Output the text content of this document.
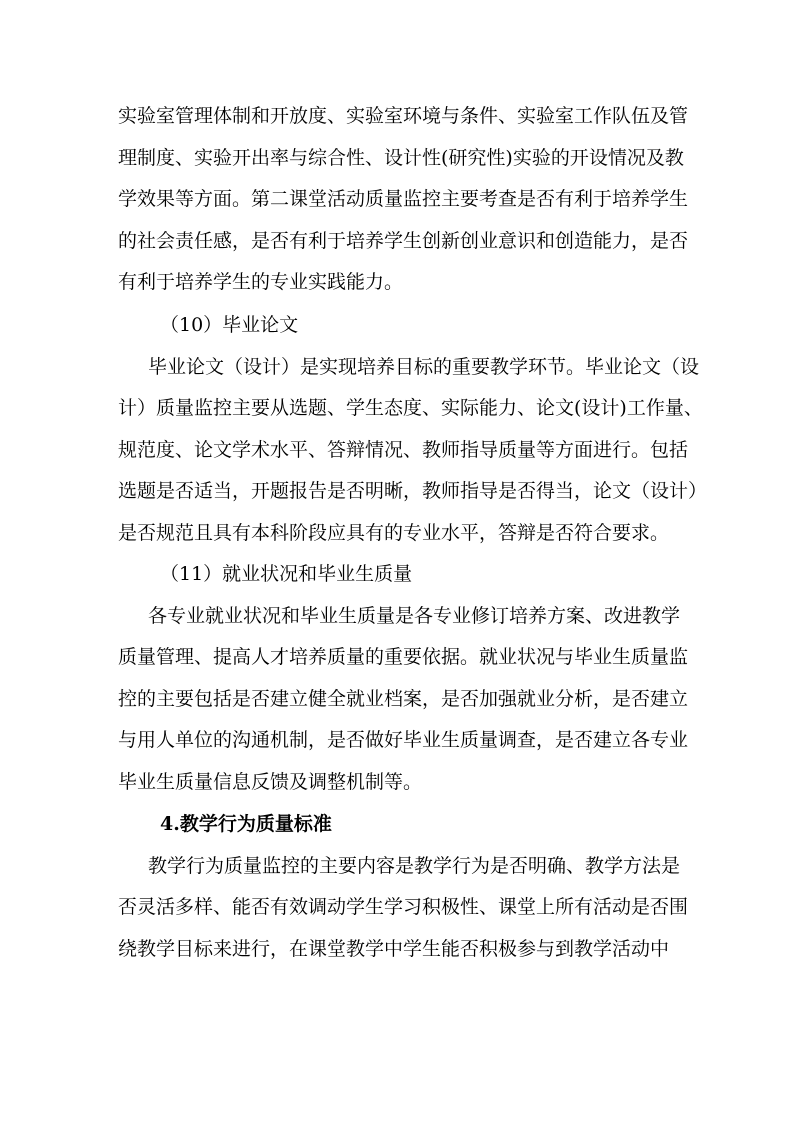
实验室管理体制和开放度、实验室环境与条件、实验室工作队伍及管
理制度、实验开出率与综合性、设计性(研究性)实验的开设情况及教
学效果等方面。第二课堂活动质量监控主要考查是否有利于培养学生
的社会责任感，是否有利于培养学生创新创业意识和创造能力，是否
有利于培养学生的专业实践能力。
（10）毕业论文
毕业论文（设计）是实现培养目标的重要教学环节。毕业论文（设
计）质量监控主要从选题、学生态度、实际能力、论文(设计)工作量、
规范度、论文学术水平、答辩情况、教师指导质量等方面进行。包括
选题是否适当，开题报告是否明晰，教师指导是否得当，论文（设计）
是否规范且具有本科阶段应具有的专业水平，答辩是否符合要求。
（11）就业状况和毕业生质量
各专业就业状况和毕业生质量是各专业修订培养方案、改进教学
质量管理、提高人才培养质量的重要依据。就业状况与毕业生质量监
控的主要包括是否建立健全就业档案，是否加强就业分析，是否建立
与用人单位的沟通机制，是否做好毕业生质量调查，是否建立各专业
毕业生质量信息反馈及调整机制等。
4.教学行为质量标准
教学行为质量监控的主要内容是教学行为是否明确、教学方法是
否灵活多样、能否有效调动学生学习积极性、课堂上所有活动是否围
绕教学目标来进行，在课堂教学中学生能否积极参与到教学活动中
